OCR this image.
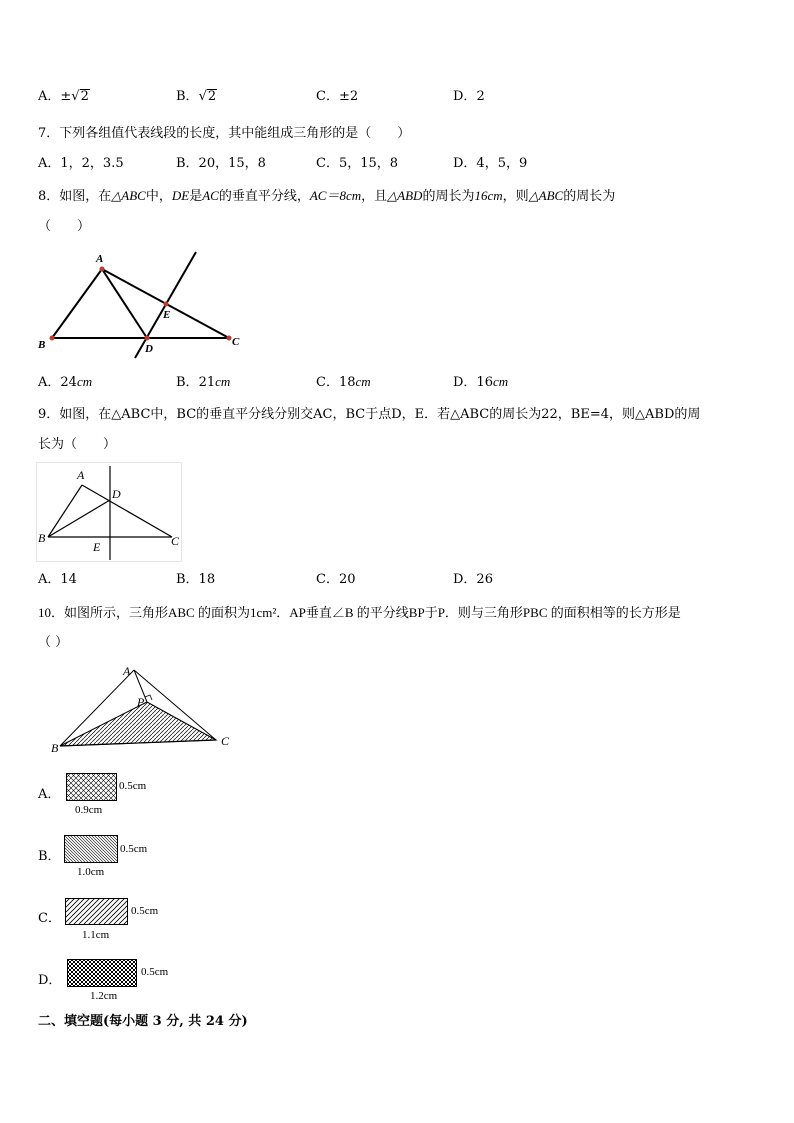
A．±√2	B．√2	C．±2	D．2
7．下列各组值代表线段的长度，其中能组成三角形的是（　　）
A．1，2，3.5	B．20，15，8	C．5，15，8	D．4，5，9
8．如图，在△ABC中，DE是AC的垂直平分线，AC＝8cm，且△ABD的周长为16cm，则△ABC的周长为
（　　）
A
B	C
D
E
A．24cm	B．21cm	C．18cm	D．16cm
9．如图，在△ABC中，BC的垂直平分线分别交AC，BC于点D，E．若△ABC的周长为22，BE=4，则△ABD的周
长为（　　）
A
B	C
D
E
A．14	B．18	C．20	D．26
10．如图所示，三角形ABC 的面积为1cm²．AP垂直∠B 的平分线BP于P．则与三角形PBC 的面积相等的长方形是
（ ）
A
B	C
P
A．
0.5cm
0.9cm
B．	0.5cm
1.0cm
C．	0.5cm
1.1cm
D．
0.5cm
1.2cm
二、填空题(每小题 3 分, 共 24 分)
